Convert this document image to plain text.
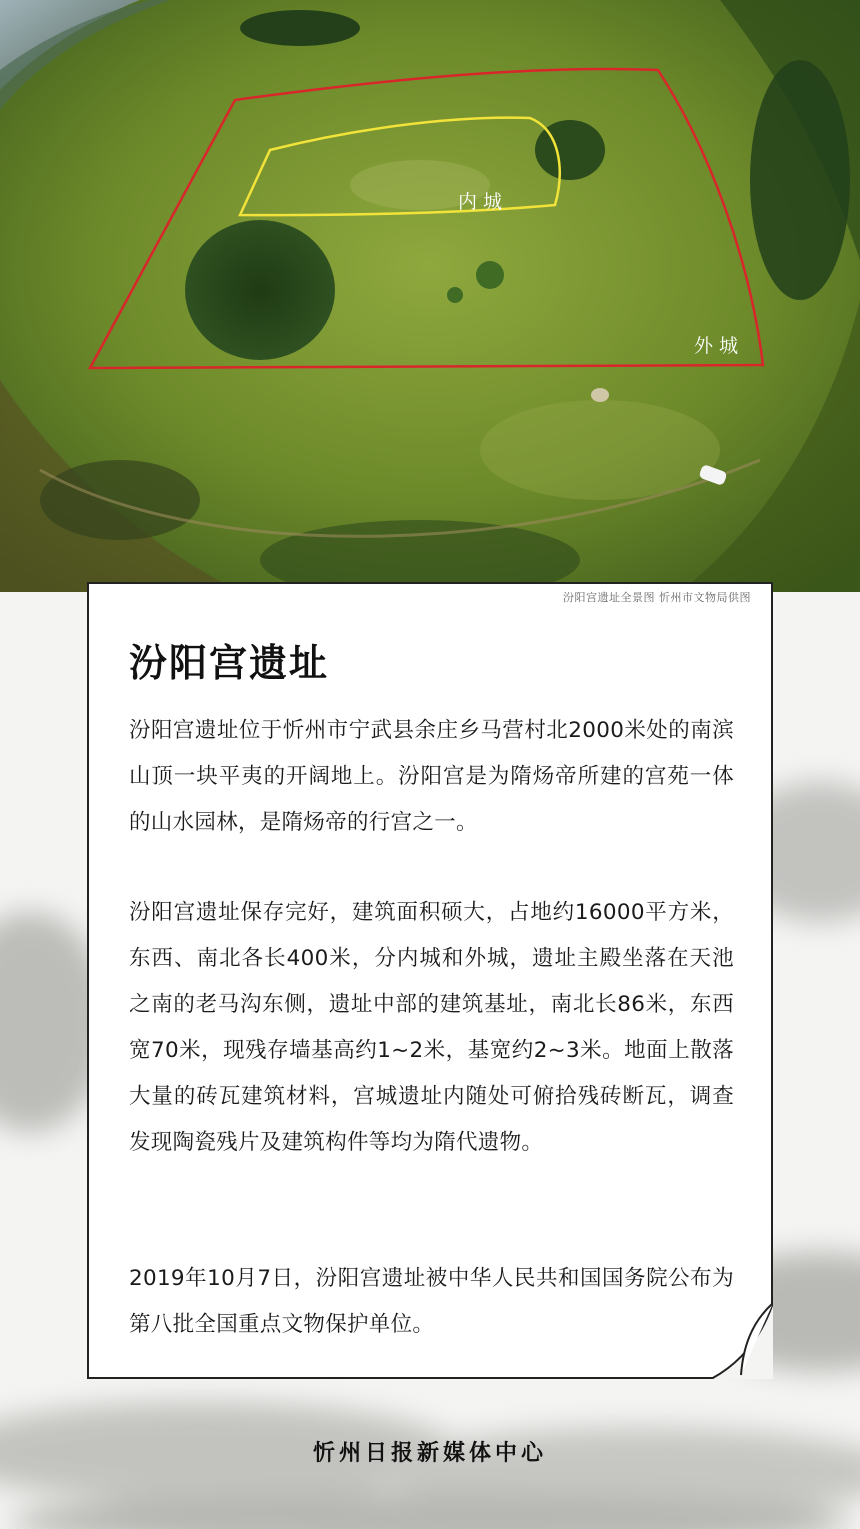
内 城
外 城
汾阳宫遗址全景图 忻州市文物局供图
汾阳宫遗址

汾阳宫遗址位于忻州市宁武县余庄乡马营村北2000米处的南滨山顶一块平夷的开阔地上。汾阳宫是为隋炀帝所建的宫苑一体的山水园林，是隋炀帝的行宫之一。

汾阳宫遗址保存完好，建筑面积硕大，占地约16000平方米，东西、南北各长400米，分内城和外城，遗址主殿坐落在天池之南的老马沟东侧，遗址中部的建筑基址，南北长86米，东西宽70米，现残存墙基高约1~2米，基宽约2~3米。地面上散落大量的砖瓦建筑材料，宫城遗址内随处可俯拾残砖断瓦，调查发现陶瓷残片及建筑构件等均为隋代遗物。

2019年10月7日，汾阳宫遗址被中华人民共和国国务院公布为第八批全国重点文物保护单位。

忻州日报新媒体中心
